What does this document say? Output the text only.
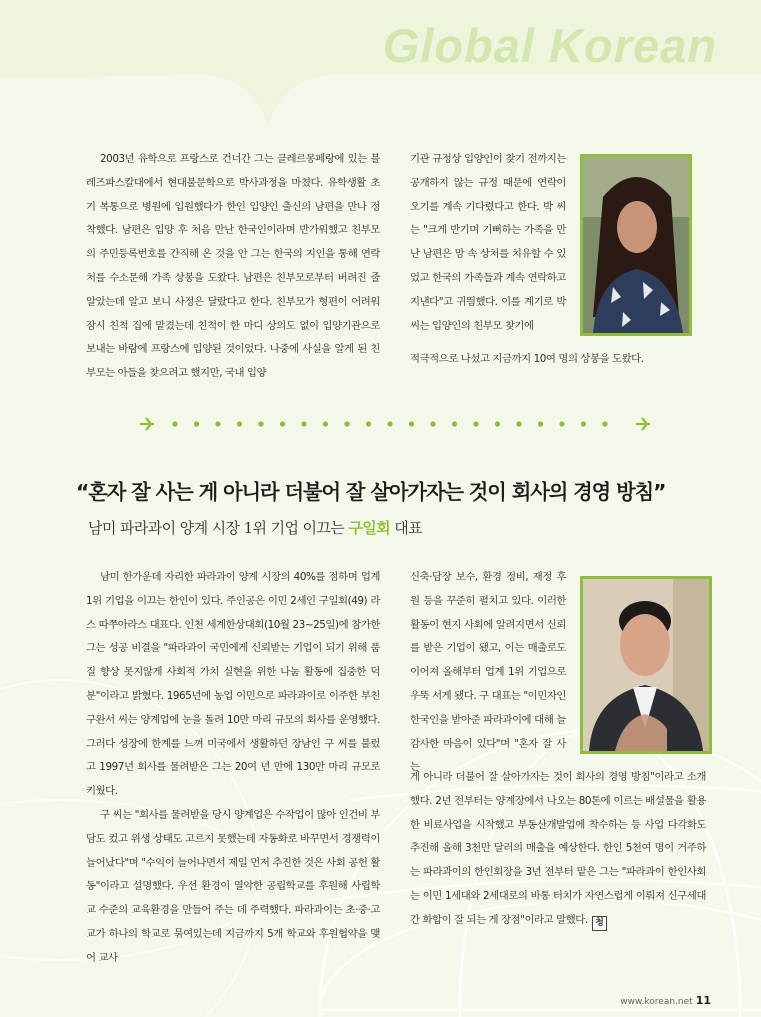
Global Korean

2003년 유학으로 프랑스로 건너간 그는 클레르몽페랑에 있는 블레즈파스칼대에서 현대불문학으로 박사과정을 마쳤다. 유학생활 초기 복통으로 병원에 입원했다가 한인 입양인 출신의 남편을 만나 정착했다. 남편은 입양 후 처음 만난 한국인이라며 반가워했고 친부모의 주민등록번호를 간직해 온 것을 안 그는 한국의 지인을 통해 연락처를 수소문해 가족 상봉을 도왔다. 남편은 친부모로부터 버려진 줄 알았는데 알고 보니 사정은 달랐다고 한다. 친부모가 형편이 어려워 잠시 친척 집에 맡겼는데 친척이 한 마디 상의도 없이 입양기관으로 보내는 바람에 프랑스에 입양된 것이었다. 나중에 사실을 알게 된 친부모는 아들을 찾으려고 했지만, 국내 입양

기관 규정상 입양인이 찾기 전까지는 공개하지 않는 규정 때문에 연락이 오기를 계속 기다렸다고 한다. 박 씨는 "크게 반기며 기뻐하는 가족을 만난 남편은 맘 속 상처를 치유할 수 있었고 한국의 가족들과 계속 연락하고 지낸다"고 귀띔했다. 이를 계기로 박씨는 입양인의 친부모 찾기에

적극적으로 나섰고 지금까지 10여 명의 상봉을 도왔다.

“혼자 잘 사는 게 아니라 더불어 잘 살아가자는 것이 회사의 경영 방침”

남미 파라과이 양계 시장 1위 기업 이끄는 구일회 대표

남미 한가운데 자리한 파라과이 양계 시장의 40%를 점하며 업계 1위 기업을 이끄는 한인이 있다. 주인공은 이민 2세인 구일회(49) 라스 따쭈아라스 대표다. 인천 세계한상대회(10월 23~25일)에 참가한 그는 성공 비결을 "파라과이 국민에게 신뢰받는 기업이 되기 위해 품질 향상 못지않게 사회적 가치 실현을 위한 나눔 활동에 집중한 덕분"이라고 밝혔다. 1965년에 농업 이민으로 파라과이로 이주한 부친 구완서 씨는 양계업에 눈을 돌려 10만 마리 규모의 회사를 운영했다. 그러다 성장에 한계를 느껴 미국에서 생활하던 장남인 구 씨를 불렀고 1997년 회사를 물려받은 그는 20여 년 만에 130만 마리 규모로 키웠다.

구 씨는 "회사를 물려받을 당시 양계업은 수작업이 많아 인건비 부담도 컸고 위생 상태도 고르지 못했는데 자동화로 바꾸면서 경쟁력이 늘어났다"며 "수익이 늘어나면서 제일 먼저 추진한 것은 사회 공헌 활동"이라고 설명했다. 우선 환경이 열악한 공립학교를 후원해 사립학교 수준의 교육환경을 만들어 주는 데 주력했다. 파라과이는 초·중·고교가 하나의 학교로 묶여있는데 지금까지 5개 학교와 후원협약을 맺어 교사

신축·담장 보수, 환경 정비, 재정 후원 등을 꾸준히 펼치고 있다. 이러한 활동이 현지 사회에 알려지면서 신뢰를 받은 기업이 됐고, 이는 매출로도 이어져 올해부터 업계 1위 기업으로 우뚝 서게 됐다. 구 대표는 "이민자인 한국인을 받아준 파라과이에 대해 늘 감사한 마음이 있다"며 "혼자 잘 사는

게 아니라 더불어 잘 살아가자는 것이 회사의 경영 방침"이라고 소개했다. 2년 전부터는 양계장에서 나오는 80톤에 이르는 배설물을 활용한 비료사업을 시작했고 부동산개발업에 착수하는 등 사업 다각화도 추진해 올해 3천만 달러의 매출을 예상한다. 한인 5천여 명이 거주하는 파라과이의 한인회장을 3년 전부터 맡은 그는 "파라과이 한인사회는 이민 1세대와 2세대로의 바통 터치가 자연스럽게 이뤄져 신구세대 간 화합이 잘 되는 게 장점"이라고 말했다. 청

www.korean.net 11
